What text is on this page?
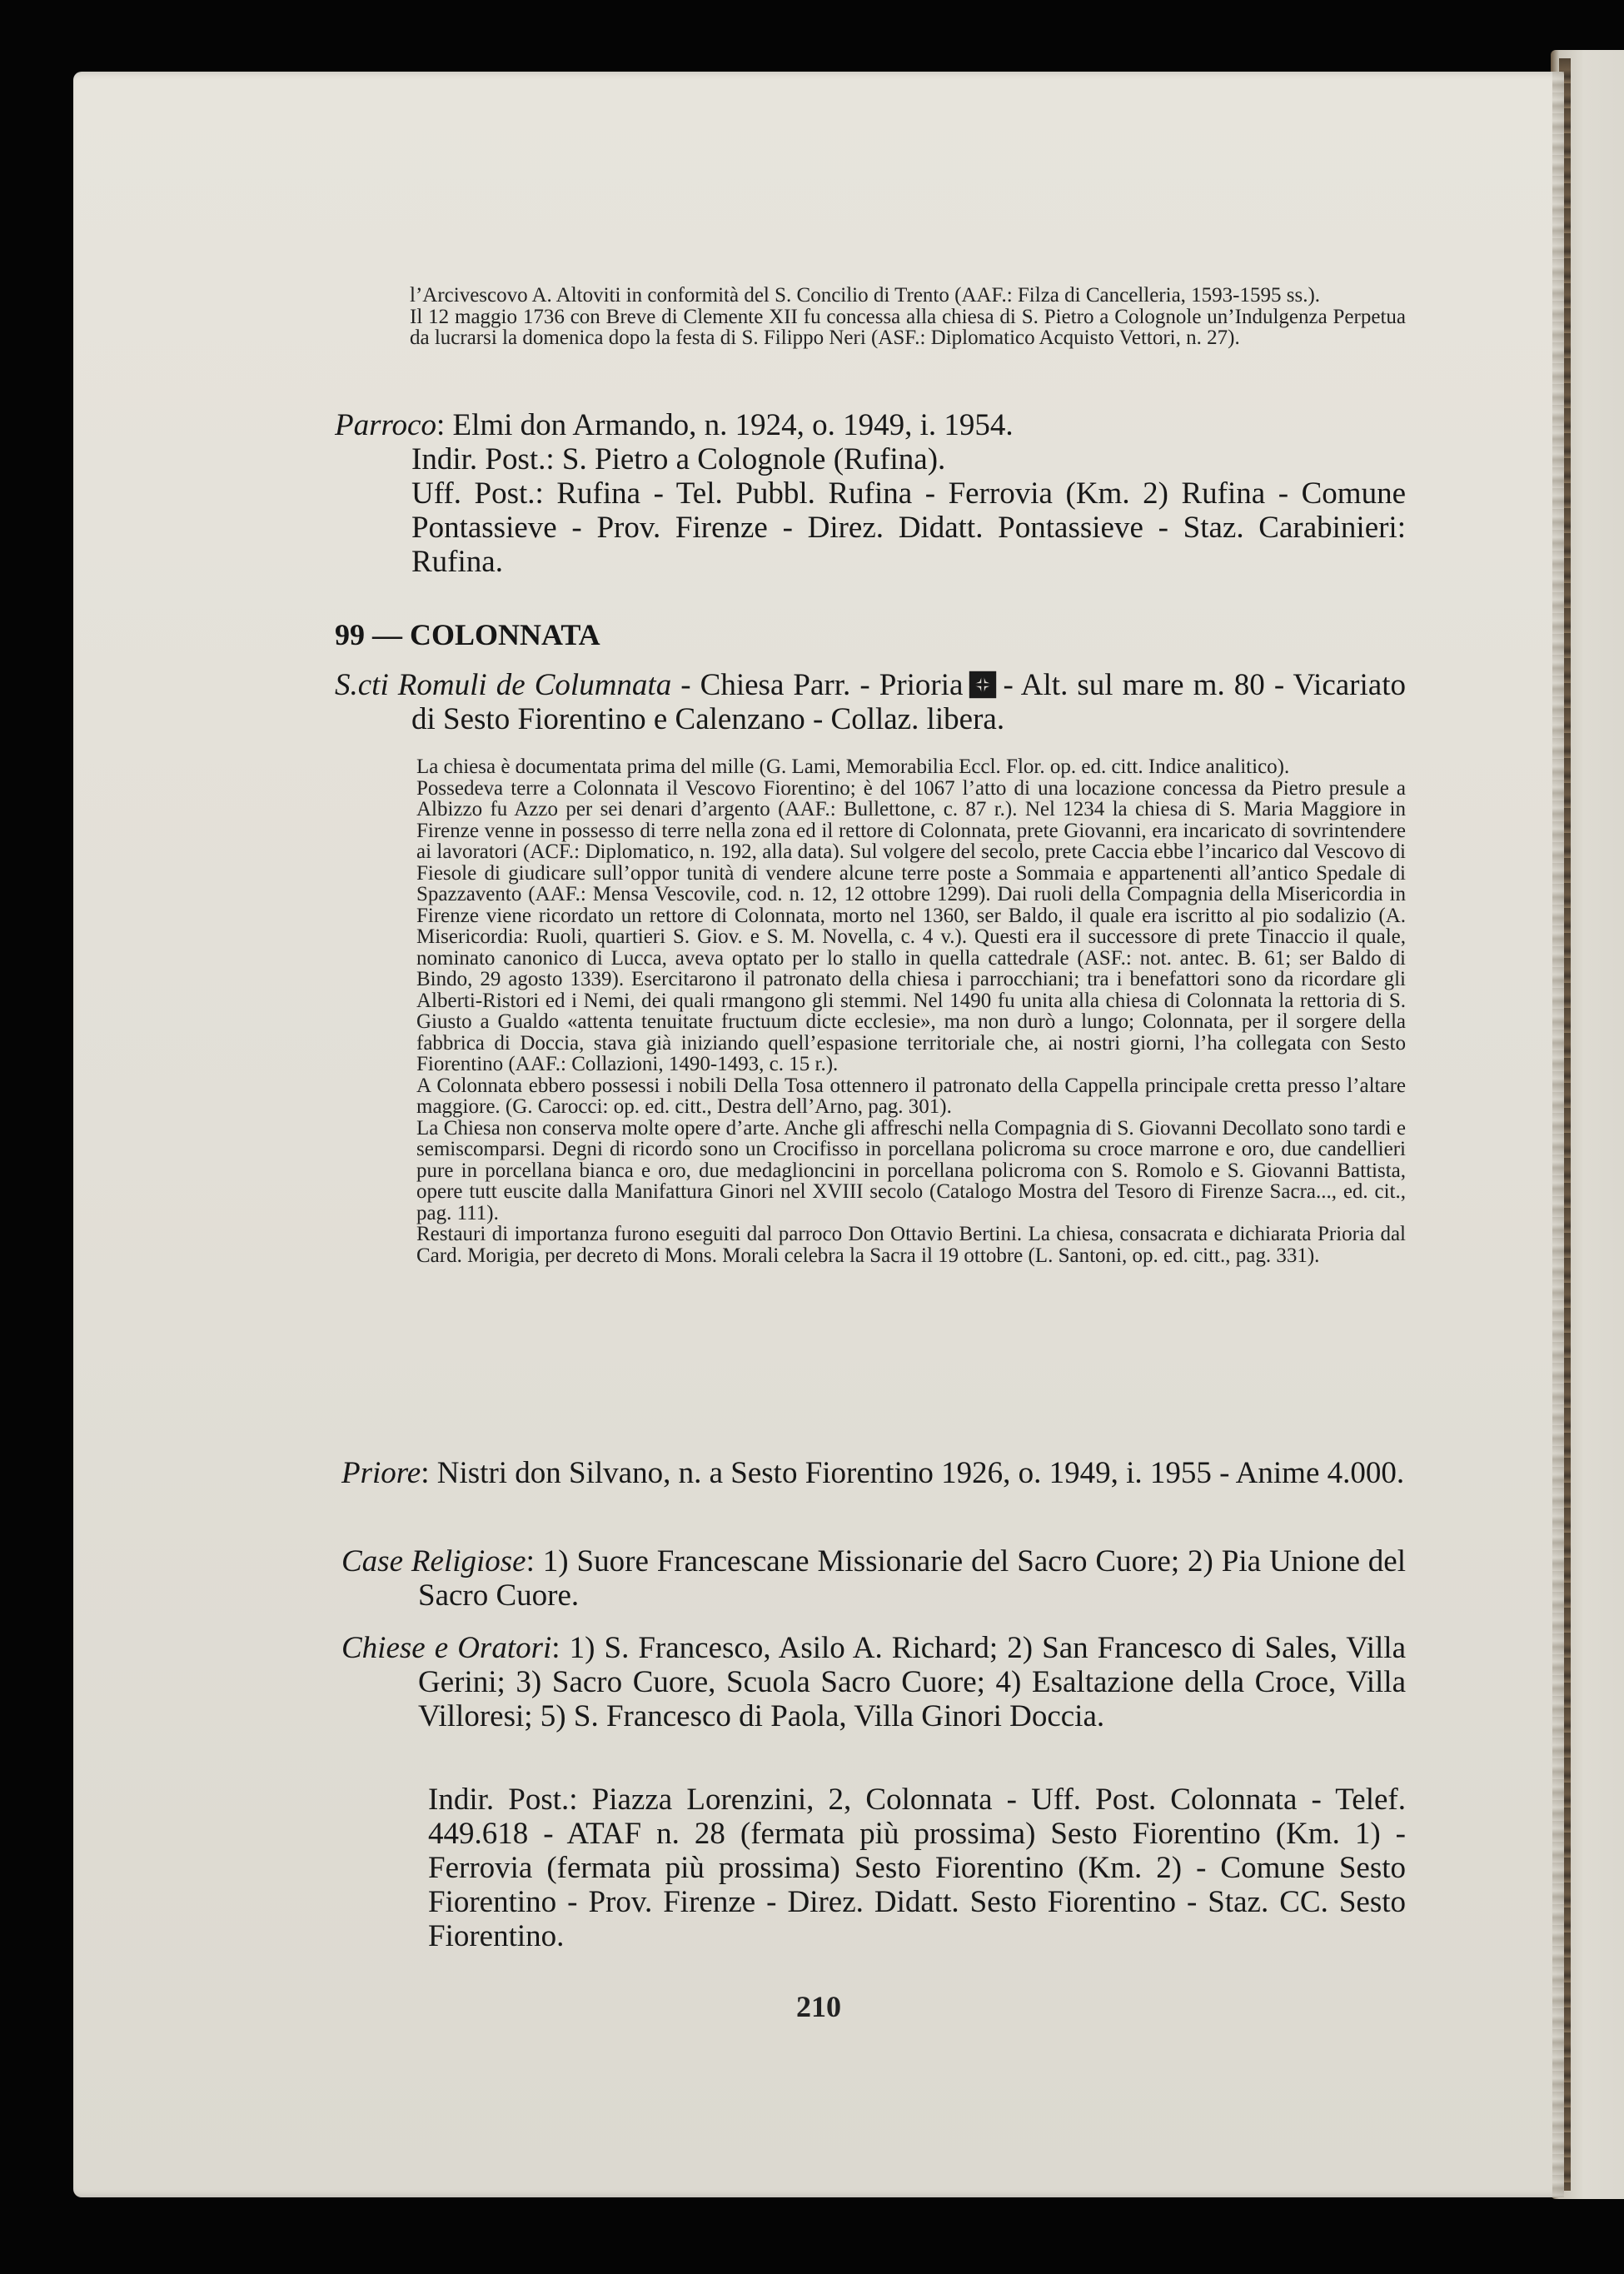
l’Arcivescovo A. Altoviti in conformità del S. Concilio di Trento (AAF.: Filza di Cancelleria, 1593-1595 ss.).

Il 12 maggio 1736 con Breve di Clemente XII fu concessa alla chiesa di S. Pietro a Colognole un’Indulgenza Perpetua da lucrarsi la domenica dopo la festa di S. Filippo Neri (ASF.: Diplomatico Acquisto Vettori, n. 27).

Parroco: Elmi don Armando, n. 1924, o. 1949, i. 1954.

Indir. Post.: S. Pietro a Colognole (Rufina).

Uff. Post.: Rufina - Tel. Pubbl. Rufina - Ferrovia (Km. 2) Rufina - Comune Pontassieve - Prov. Firenze - Direz. Didatt. Pontassieve - Staz. Carabinieri: Rufina.

99 — COLONNATA

S.cti Romuli de Columnata - Chiesa Parr. - Prioria - Alt. sul mare m. 80 - Vicariato di Sesto Fiorentino e Calenzano - Collaz. libera.

La chiesa è documentata prima del mille (G. Lami, Memorabilia Eccl. Flor. op. ed. citt. Indice analitico).

Possedeva terre a Colonnata il Vescovo Fiorentino; è del 1067 l’atto di una locazione concessa da Pietro presule a Albizzo fu Azzo per sei denari d’argento (AAF.: Bullettone, c. 87 r.). Nel 1234 la chiesa di S. Maria Maggiore in Firenze venne in possesso di terre nella zona ed il rettore di Colonnata, prete Giovanni, era incaricato di sovrintendere ai lavoratori (ACF.: Diplomatico, n. 192, alla data). Sul volgere del secolo, prete Caccia ebbe l’incarico dal Vescovo di Fiesole di giudicare sull’oppor tunità di vendere alcune terre poste a Sommaia e appartenenti all’antico Spedale di Spazzavento (AAF.: Mensa Vescovile, cod. n. 12, 12 ottobre 1299). Dai ruoli della Compagnia della Misericordia in Firenze viene ricordato un rettore di Colonnata, morto nel 1360, ser Baldo, il quale era iscritto al pio sodalizio (A. Misericordia: Ruoli, quartieri S. Giov. e S. M. Novella, c. 4 v.). Questi era il successore di prete Tinaccio il quale, nominato canonico di Lucca, aveva optato per lo stallo in quella cattedrale (ASF.: not. antec. B. 61; ser Baldo di Bindo, 29 agosto 1339). Esercitarono il patronato della chiesa i parrocchiani; tra i benefattori sono da ricordare gli Alberti-Ristori ed i Nemi, dei quali rmangono gli stemmi. Nel 1490 fu unita alla chiesa di Colonnata la rettoria di S. Giusto a Gualdo «attenta tenuitate fructuum dicte ecclesie», ma non durò a lungo; Colonnata, per il sorgere della fabbrica di Doccia, stava già iniziando quell’espasione territoriale che, ai nostri giorni, l’ha collegata con Sesto Fiorentino (AAF.: Collazioni, 1490-1493, c. 15 r.).

A Colonnata ebbero possessi i nobili Della Tosa ottennero il patronato della Cappella principale cretta presso l’altare maggiore. (G. Carocci: op. ed. citt., Destra dell’Arno, pag. 301).

La Chiesa non conserva molte opere d’arte. Anche gli affreschi nella Compagnia di S. Giovanni Decollato sono tardi e semiscomparsi. Degni di ricordo sono un Crocifisso in porcellana policroma su croce marrone e oro, due candellieri pure in porcellana bianca e oro, due medaglioncini in porcellana policroma con S. Romolo e S. Giovanni Battista, opere tutt euscite dalla Manifattura Ginori nel XVIII secolo (Catalogo Mostra del Tesoro di Firenze Sacra..., ed. cit., pag. 111).

Restauri di importanza furono eseguiti dal parroco Don Ottavio Bertini. La chiesa, consacrata e dichiarata Prioria dal Card. Morigia, per decreto di Mons. Morali celebra la Sacra il 19 ottobre (L. Santoni, op. ed. citt., pag. 331).

Priore: Nistri don Silvano, n. a Sesto Fiorentino 1926, o. 1949, i. 1955 - Anime 4.000.

Case Religiose: 1) Suore Francescane Missionarie del Sacro Cuore; 2) Pia Unione del Sacro Cuore.

Chiese e Oratori: 1) S. Francesco, Asilo A. Richard; 2) San Francesco di Sales, Villa Gerini; 3) Sacro Cuore, Scuola Sacro Cuore; 4) Esaltazione della Croce, Villa Villoresi; 5) S. Francesco di Paola, Villa Ginori Doccia.

Indir. Post.: Piazza Lorenzini, 2, Colonnata - Uff. Post. Colonnata - Telef. 449.618 - ATAF n. 28 (fermata più prossima) Sesto Fiorentino (Km. 1) - Ferrovia (fermata più prossima) Sesto Fiorentino (Km. 2) - Comune Sesto Fiorentino - Prov. Firenze - Direz. Didatt. Sesto Fiorentino - Staz. CC. Sesto Fiorentino.

210
